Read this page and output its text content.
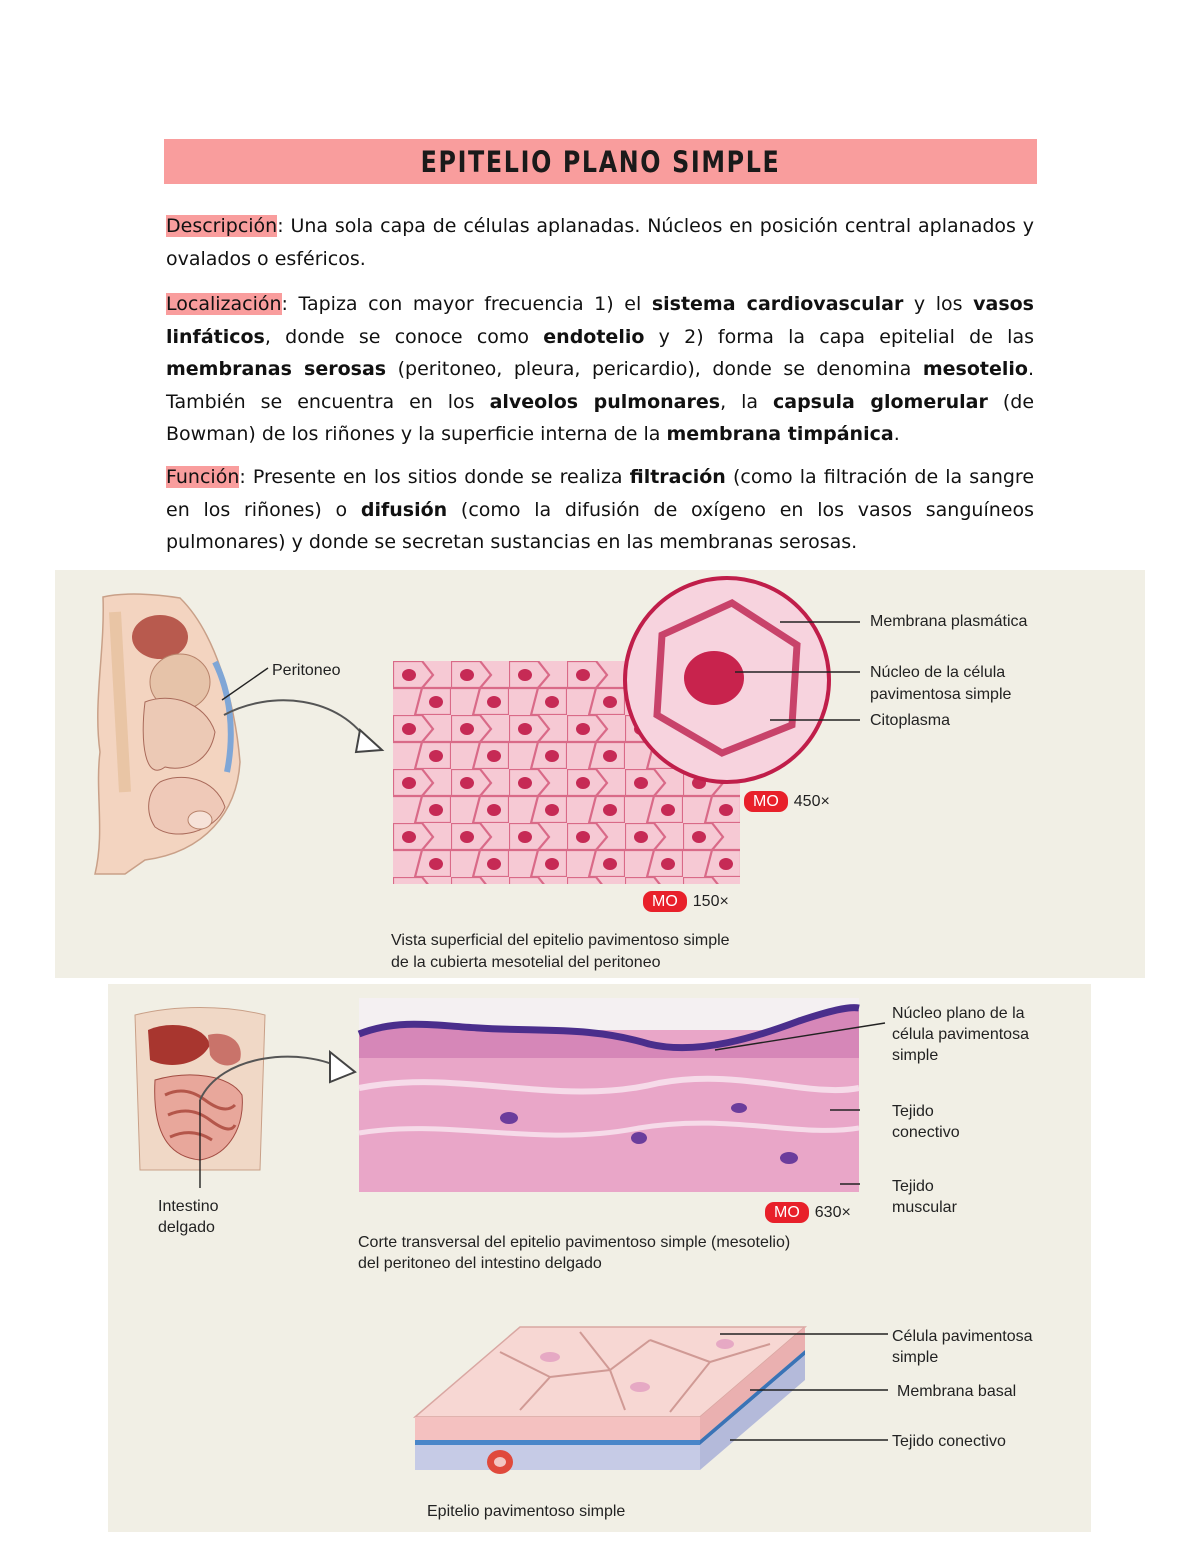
EPITELIO PLANO SIMPLE

Descripción: Una sola capa de células aplanadas. Núcleos en posición central aplanados y ovalados o esféricos.

Localización: Tapiza con mayor frecuencia 1) el sistema cardiovascular y los vasos linfáticos, donde se conoce como endotelio y 2) forma la capa epitelial de las membranas serosas (peritoneo, pleura, pericardio), donde se denomina mesotelio. También se encuentra en los alveolos pulmonares, la capsula glomerular (de Bowman) de los riñones y la superficie interna de la membrana timpánica.

Función: Presente en los sitios donde se realiza filtración (como la filtración de la sangre en los riñones) o difusión (como la difusión de oxígeno en los vasos sanguíneos pulmonares) y donde se secretan sustancias en las membranas serosas.

Peritoneo
MO 450×
MO 150×
Membrana plasmática
Núcleo de la célula
pavimentosa simple
Citoplasma
Vista superficial del epitelio pavimentoso simple
de la cubierta mesotelial del peritoneo
Intestino
delgado
MO 630×
Núcleo plano de la
célula pavimentosa
simple
Tejido
conectivo
Tejido
muscular
Corte transversal del epitelio pavimentoso simple (mesotelio)
del peritoneo del intestino delgado
Célula pavimentosa
simple
Membrana basal
Tejido conectivo
Epitelio pavimentoso simple
